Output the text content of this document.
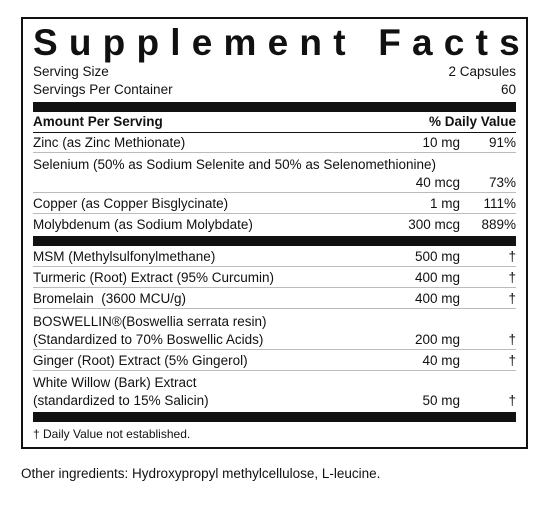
Supplement Facts
Serving Size	2 Capsules
Servings Per Container	60
Amount Per Serving	% Daily Value
Zinc (as Zinc Methionate)	10 mg	91%
Selenium (50% as Sodium Selenite and 50% as Selenomethionine)
40 mcg	73%
Copper (as Copper Bisglycinate)	1 mg	111%
Molybdenum (as Sodium Molybdate)	300 mcg	889%
MSM (Methylsulfonylmethane)	500 mg	†
Turmeric (Root) Extract (95% Curcumin)	400 mg	†
Bromelain  (3600 MCU/g)	400 mg	†
BOSWELLIN®(Boswellia serrata resin)
(Standardized to 70% Boswellic Acids)	200 mg	†
Ginger (Root) Extract (5% Gingerol)	40 mg	†
White Willow (Bark) Extract
(standardized to 15% Salicin)	50 mg	†
† Daily Value not established.
Other ingredients: Hydroxypropyl methylcellulose, L-leucine.
